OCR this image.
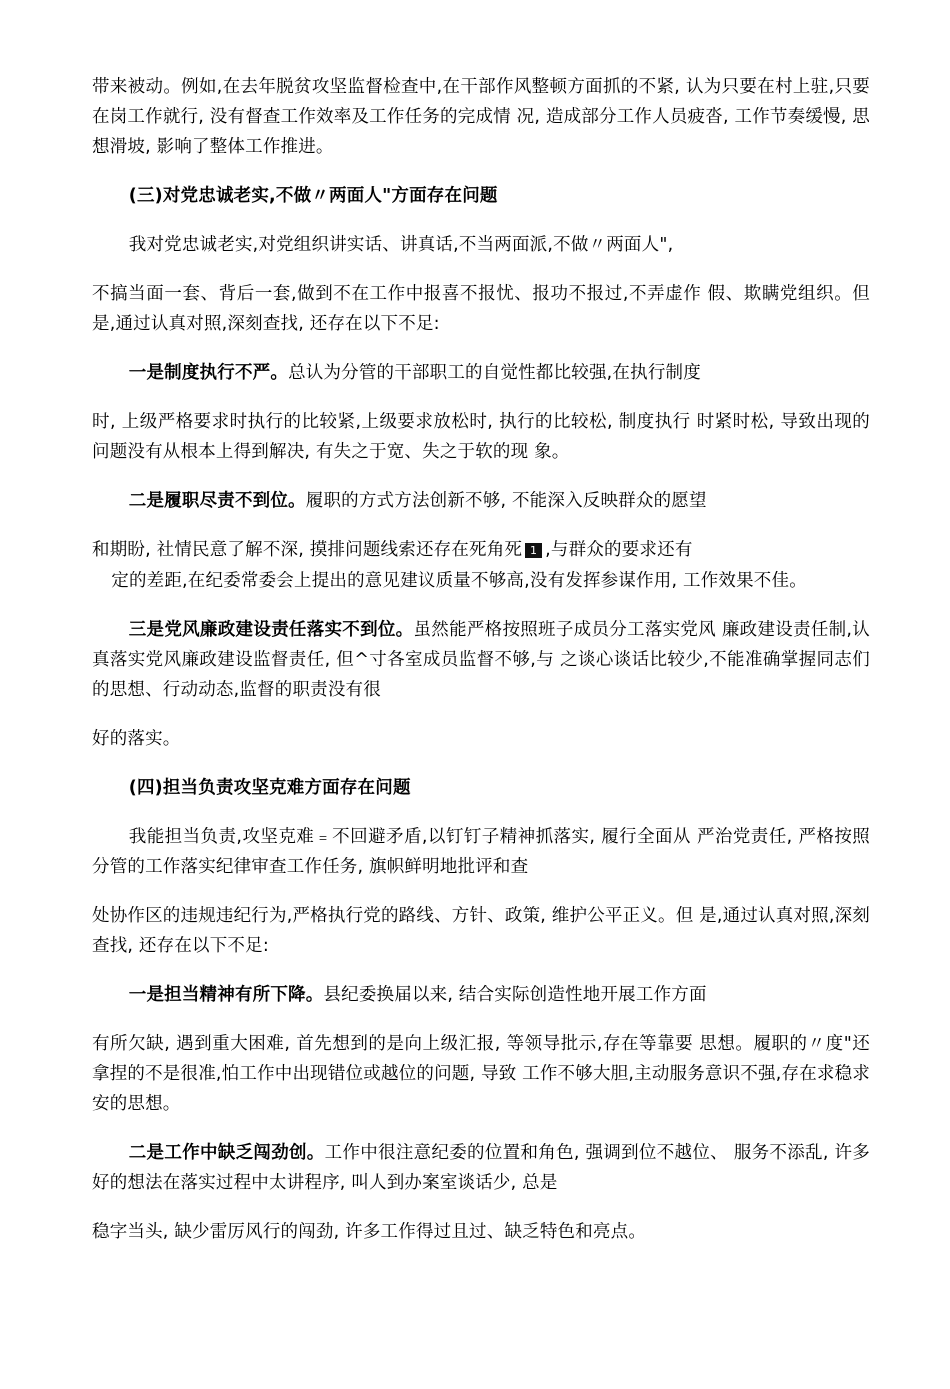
带来被动。例如,在去年脱贫攻坚监督检查中,在干部作风整顿方面抓的不紧, 认为只要在村上驻,只要在岗工作就行, 没有督查工作效率及工作任务的完成情 况, 造成部分工作人员疲沓, 工作节奏缓慢, 思想滑坡, 影响了整体工作推进。

(三)对党忠诚老实,不做〃两面人"方面存在问题

我对党忠诚老实,对党组织讲实话、讲真话,不当两面派,不做〃两面人",

不搞当面一套、背后一套,做到不在工作中报喜不报忧、报功不报过,不弄虚作 假、欺瞒党组织。但是,通过认真对照,深刻查找, 还存在以下不足:

一是制度执行不严。总认为分管的干部职工的自觉性都比较强,在执行制度

时, 上级严格要求时执行的比较紧,上级要求放松时, 执行的比较松, 制度执行 时紧时松, 导致出现的问题没有从根本上得到解决, 有失之于宽、失之于软的现 象。

二是履职尽责不到位。履职的方式方法创新不够, 不能深入反映群众的愿望

和期盼, 社情民意了解不深, 摸排问题线索还存在死角死 1 ,与群众的要求还有

定的差距,在纪委常委会上提出的意见建议质量不够高,没有发挥参谋作用, 工作效果不佳。

三是党风廉政建设责任落实不到位。虽然能严格按照班子成员分工落实党风 廉政建设责任制,认真落实党风廉政建设监督责任, 但^寸各室成员监督不够,与 之谈心谈话比较少,不能准确掌握同志们的思想、行动动态,监督的职责没有很

好的落实。

(四)担当负责攻坚克难方面存在问题

我能担当负责,攻坚克难﹦不回避矛盾,以钉钉子精神抓落实, 履行全面从 严治党责任, 严格按照分管的工作落实纪律审查工作任务, 旗帜鲜明地批评和查

处协作区的违规违纪行为,严格执行党的路线、方针、政策, 维护公平正义。但 是,通过认真对照,深刻查找, 还存在以下不足:

一是担当精神有所下降。县纪委换届以来, 结合实际创造性地开展工作方面

有所欠缺, 遇到重大困难, 首先想到的是向上级汇报, 等领导批示,存在等靠要 思想。履职的〃度"还拿捏的不是很准,怕工作中出现错位或越位的问题, 导致 工作不够大胆,主动服务意识不强,存在求稳求安的思想。

二是工作中缺乏闯劲创。工作中很注意纪委的位置和角色, 强调到位不越位、 服务不添乱, 许多好的想法在落实过程中太讲程序, 叫人到办案室谈话少, 总是

稳字当头, 缺少雷厉风行的闯劲, 许多工作得过且过、缺乏特色和亮点。
